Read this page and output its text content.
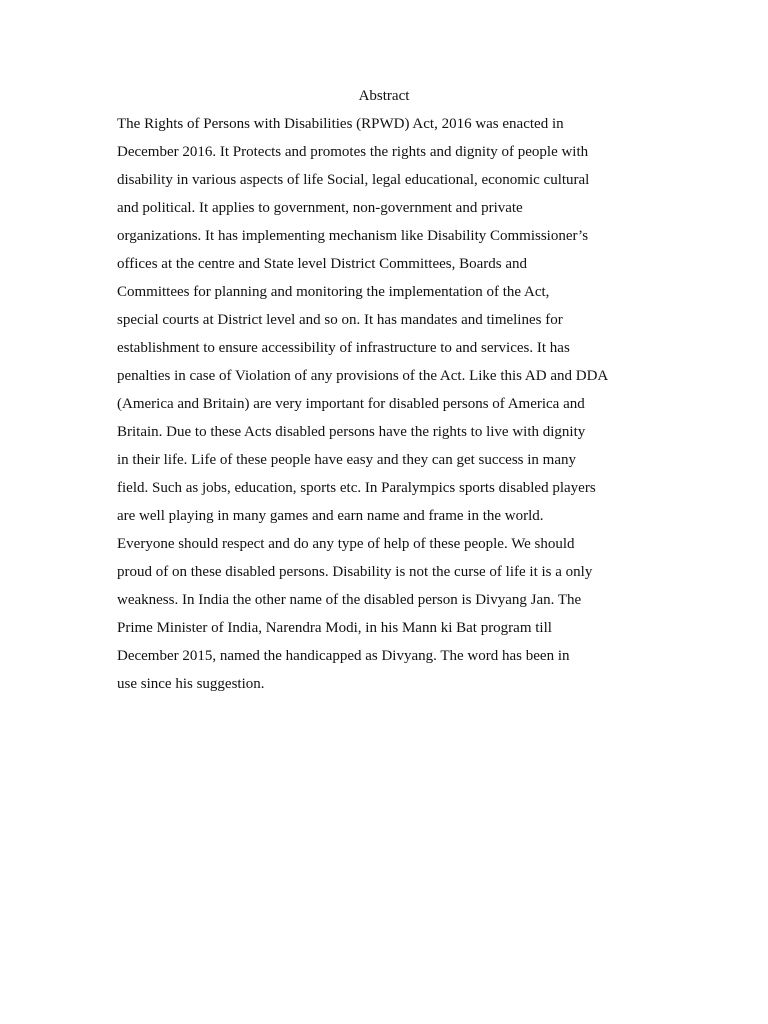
Abstract
The Rights of Persons with Disabilities (RPWD) Act, 2016 was enacted in
December 2016. It Protects and promotes the rights and dignity of people with
disability in various aspects of life Social, legal educational, economic cultural
and political. It applies to government, non-government and private
organizations. It has implementing mechanism like Disability Commissioner’s
offices at the centre and State level District Committees, Boards and
Committees for planning and monitoring the implementation of the Act,
special courts at District level and so on. It has mandates and timelines for
establishment to ensure accessibility of infrastructure to and services. It has
penalties in case of Violation of any provisions of the Act. Like this AD and DDA
(America and Britain) are very important for disabled persons of America and
Britain. Due to these Acts disabled persons have the rights to live with dignity
in their life. Life of these people have easy and they can get success in many
field. Such as jobs, education, sports etc. In Paralympics sports disabled players
are well playing in many games and earn name and frame in the world.
Everyone should respect and do any type of help of these people. We should
proud of on these disabled persons. Disability is not the curse of life it is a only
weakness. In India the other name of the disabled person is Divyang Jan. The
Prime Minister of India, Narendra Modi, in his Mann ki Bat program till
December 2015, named the handicapped as Divyang. The word has been in
use since his suggestion.
